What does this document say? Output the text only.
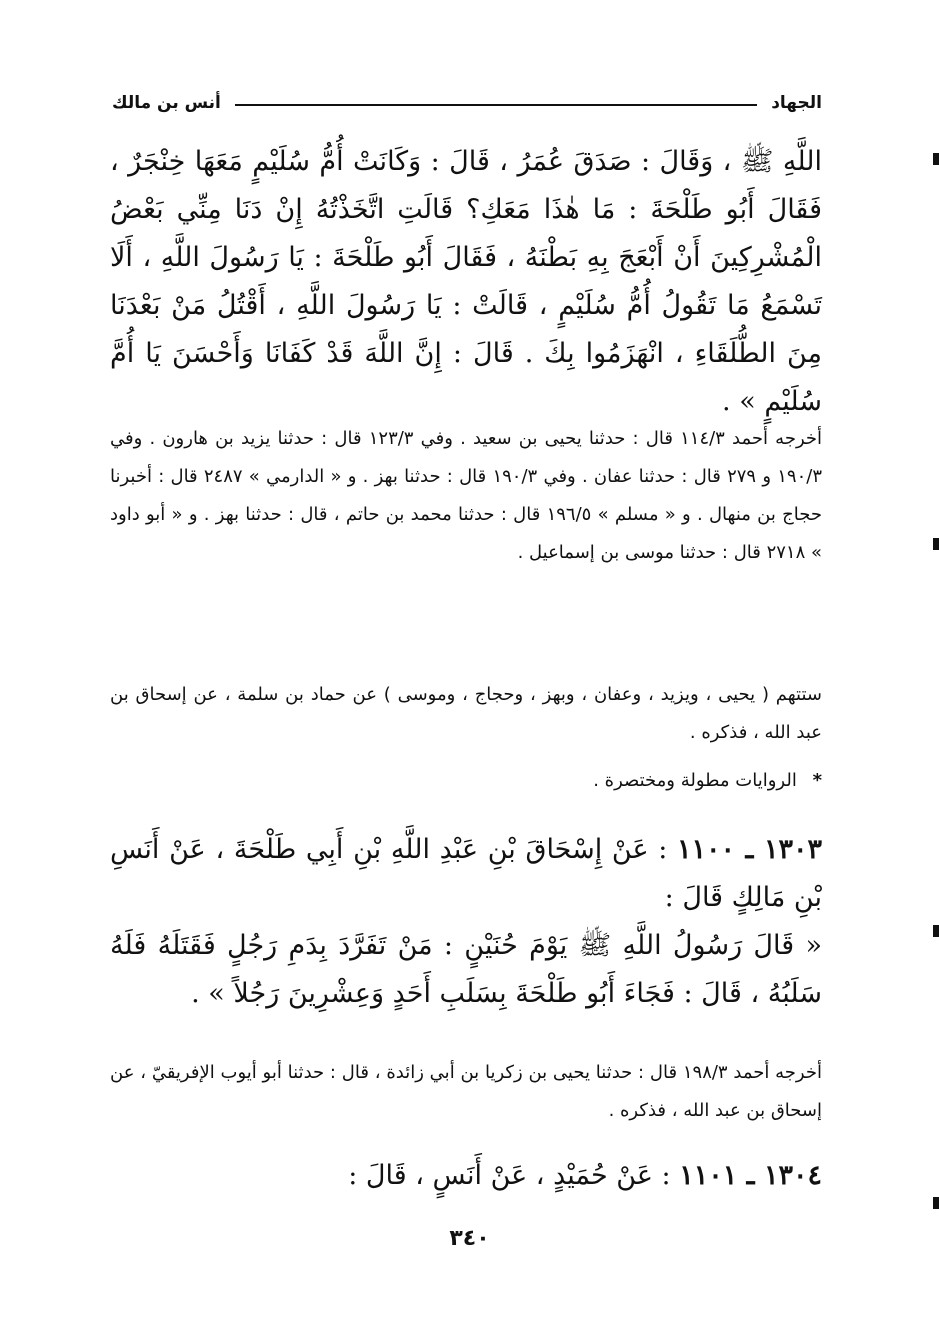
الجهاد
أنس بن مالك

اللَّهِ ﷺ ، وَقَالَ : صَدَقَ عُمَرُ ، قَالَ : وَكَانَتْ أُمُّ سُلَيْمٍ مَعَهَا خِنْجَرٌ ، فَقَالَ أَبُو طَلْحَةَ : مَا هٰذَا مَعَكِ؟ قَالَتِ اتَّخَذْتُهُ إِنْ دَنَا مِنِّي بَعْضُ الْمُشْرِكِينَ أَنْ أَبْعَجَ بِهِ بَطْنَهُ ، فَقَالَ أَبُو طَلْحَةَ : يَا رَسُولَ اللَّهِ ، أَلَا تَسْمَعُ مَا تَقُولُ أُمُّ سُلَيْمٍ ، قَالَتْ : يَا رَسُولَ اللَّهِ ، أَقْتُلُ مَنْ بَعْدَنَا مِنَ الطُّلَقَاءِ ، انْهَزَمُوا بِكَ . قَالَ : إِنَّ اللَّهَ قَدْ كَفَانَا وَأَحْسَنَ يَا أُمَّ سُلَيْمٍ » .

أخرجه أحمد ١١٤/٣ قال : حدثنا يحيى بن سعيد . وفي ١٢٣/٣ قال : حدثنا يزيد بن هارون . وفي ١٩٠/٣ و ٢٧٩ قال : حدثنا عفان . وفي ١٩٠/٣ قال : حدثنا بهز . و « الدارمي » ٢٤٨٧ قال : أخبرنا حجاج بن منهال . و « مسلم » ١٩٦/٥ قال : حدثنا محمد بن حاتم ، قال : حدثنا بهز . و « أبو داود » ٢٧١٨ قال : حدثنا موسى بن إسماعيل .

ستتهم ( يحيى ، ويزيد ، وعفان ، وبهز ، وحجاج ، وموسى ) عن حماد بن سلمة ، عن إسحاق بن عبد الله ، فذكره .

* الروايات مطولة ومختصرة .

١٣٠٣ ـ ١١٠٠ : عَنْ إِسْحَاقَ بْنِ عَبْدِ اللَّهِ بْنِ أَبِي طَلْحَةَ ، عَنْ أَنَسِ بْنِ مَالِكٍ قَالَ :

« قَالَ رَسُولُ اللَّهِ ﷺ يَوْمَ حُنَيْنٍ : مَنْ تَفَرَّدَ بِدَمِ رَجُلٍ فَقَتَلَهُ فَلَهُ سَلَبُهُ ، قَالَ : فَجَاءَ أَبُو طَلْحَةَ بِسَلَبِ أَحَدٍ وَعِشْرِينَ رَجُلاً » .

أخرجه أحمد ١٩٨/٣ قال : حدثنا يحيى بن زكريا بن أبي زائدة ، قال : حدثنا أبو أيوب الإفريقيّ ، عن إسحاق بن عبد الله ، فذكره .

١٣٠٤ ـ ١١٠١ : عَنْ حُمَيْدٍ ، عَنْ أَنَسٍ ، قَالَ :

٣٤٠
